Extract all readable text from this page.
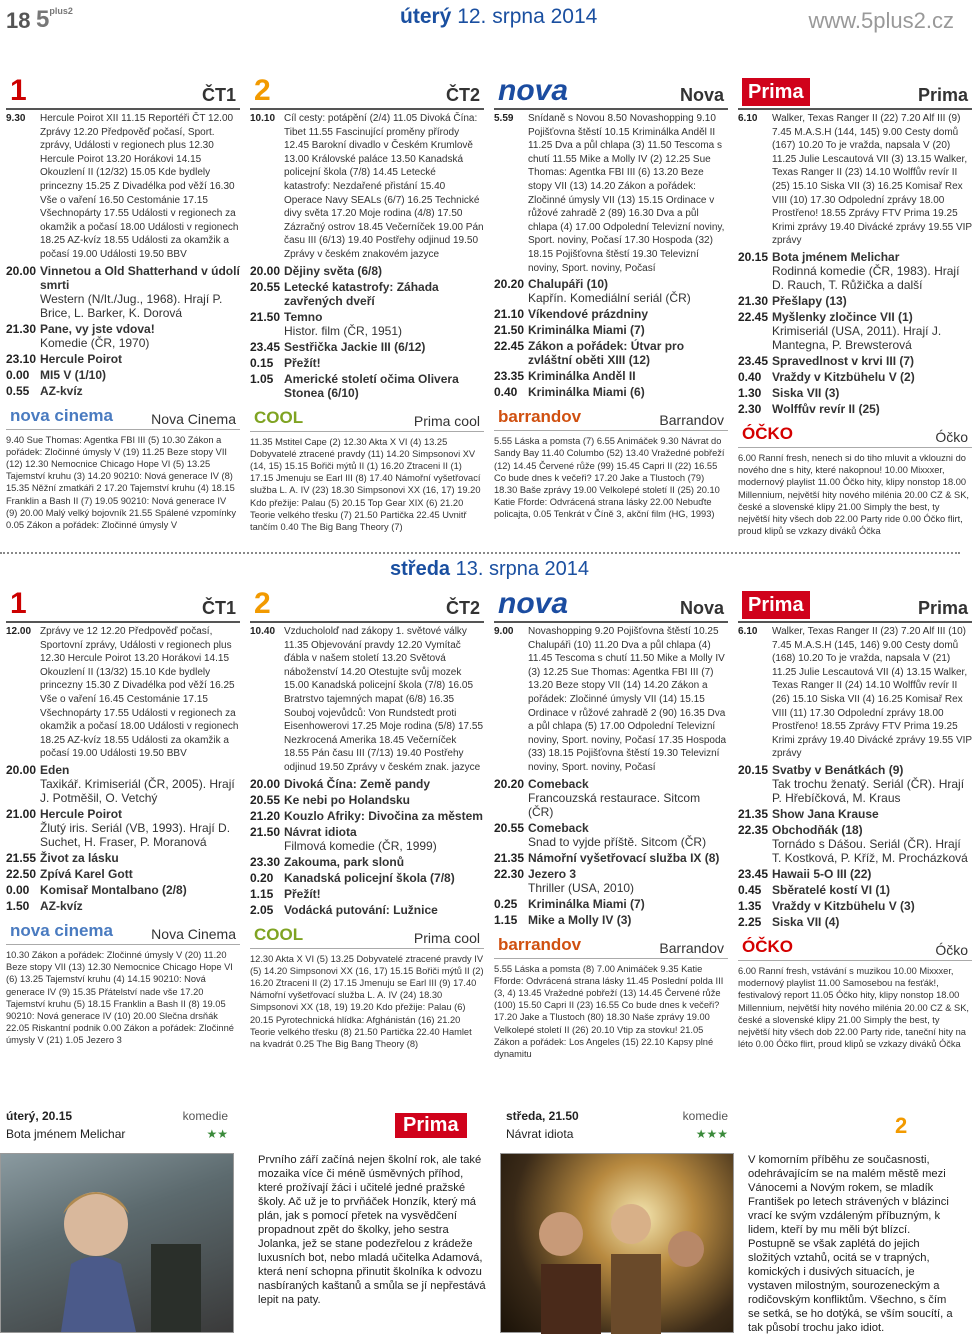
18 $5^{plus2}$	úterý 12. srpna 2014	www.5plus2.cz
středa 13. srpna 2014
1	ČT1
9.30	Hercule Poirot XII 11.15 Reportéři ČT 12.00 Zprávy 12.20 Předpověď počasí, Sport. zprávy, Události v regionech plus 12.30 Hercule Poirot 13.20 Horákovi 14.15 Okouzlení II (12/32) 15.05 Kde bydlely princezny 15.25 Z Divadélka pod věží 16.30 Vše o vaření 16.50 Cestománie 17.15 Všechnopárty 17.55 Události v regionech za okamžik a počasí 18.00 Události v regionech 18.25 AZ-kvíz 18.55 Události za okamžik a počasí 19.00 Události 19.50 BBV
20.00 Vinnetou a Old Shatterhand v údolí smrti
Western (N/It./Jug., 1968). Hrají P. Brice, L. Barker, K. Dorová
21.30 Pane, vy jste vdova!
Komedie (ČR, 1970)
23.10 Hercule Poirot
0.00 MI5 V (1/10)
0.55 AZ-kvíz
nova cinema	Nova Cinema
9.40 Sue Thomas: Agentka FBI III (5) 10.30 Zákon a pořádek: Zločinné úmysly V (19) 11.25 Beze stopy VII (12) 12.30 Nemocnice Chicago Hope VI (5) 13.25 Tajemství kruhu (3) 14.20 90210: Nová generace IV (8) 15.35 Něžní zmatkáři 2 17.20 Tajemství kruhu (4) 18.15 Franklin a Bash II (7) 19.05 90210: Nová generace IV (9) 20.00 Malý velký bojovník 21.55 Spálené vzpomínky 0.05 Zákon a pořádek: Zločinné úmysly V
2	ČT2
10.10 Cíl cesty: potápění (2/4) 11.05 Divoká Čína: Tibet 11.55 Fascinující proměny přírody 12.45 Barokní divadlo v Českém Krumlově 13.00 Královské paláce 13.50 Kanadská policejní škola (7/8) 14.45 Letecké katastrofy: Nezdařené přistání 15.40 Operace Navy SEALs (6/7) 16.25 Technické divy světa 17.20 Moje rodina (4/8) 17.50 Zázračný ostrov 18.45 Večerníček 19.00 Pán času III (6/13) 19.40 Postřehy odjinud 19.50 Zprávy v českém znakovém jazyce
20.00 Dějiny světa (6/8)
20.55 Letecké katastrofy: Záhada zavřených dveří
21.50 Temno
Histor. film (ČR, 1951)
23.45 Sestřička Jackie III (6/12)
0.15 Přežít!
1.05 Americké století očima Olivera Stonea (6/10)
COOL	Prima cool
11.35 Mstitel Cape (2) 12.30 Akta X VI (4) 13.25 Dobyvatelé ztracené pravdy (11) 14.20 Simpsonovi XV (14, 15) 15.15 Bořiči mýtů II (1) 16.20 Ztraceni II (1) 17.15 Jmenuju se Earl III (8) 17.40 Námořní vyšetřovací služba L. A. IV (23) 18.30 Simpsonovi XX (16, 17) 19.20 Kdo přežije: Palau (5) 20.15 Top Gear XIX (6) 21.20 Teorie velkého třesku (7) 21.50 Partička 22.45 Uvnitř tančím 0.40 The Big Bang Theory (7)
nova	Nova
5.59	Snídaně s Novou 8.50 Novashopping 9.10 Pojišťovna štěstí 10.15 Kriminálka Anděl II 11.25 Dva a půl chlapa (3) 11.50 Tescoma s chutí 11.55 Mike a Molly IV (2) 12.25 Sue Thomas: Agentka FBI III (6) 13.20 Beze stopy VII (13) 14.20 Zákon a pořádek: Zločinné úmysly VII (13) 15.15 Ordinace v růžové zahradě 2 (89) 16.30 Dva a půl chlapa (4) 17.00 Odpolední Televizní noviny, Sport. noviny, Počasí 17.30 Hospoda (32) 18.15 Pojišťovna štěstí 19.30 Televizní noviny, Sport. noviny, Počasí
20.20 Chalupáři (10)
Kapřín. Komediální seriál (ČR)
21.10 Víkendové prázdniny
21.50 Kriminálka Miami (7)
22.45 Zákon a pořádek: Útvar pro zvláštní oběti XIII (12)
23.35 Kriminálka Anděl II
0.40 Kriminálka Miami (6)
barrandov	Barrandov
5.55 Láska a pomsta (7) 6.55 Animáček 9.30 Návrat do Sandy Bay 11.40 Columbo (52) 13.40 Vražedné pobřeží (12) 14.45 Červené růže (99) 15.45 Capri II (22) 16.55 Co bude dnes k večeři? 17.20 Jake a Tlustoch (79) 18.30 Baše zprávy 19.00 Velkolepé století II (25) 20.10 Katie Fforde: Odvrácená strana lásky 22.00 Nebuďte policajta, 0.05 Tenkrát v Číně 3, akční film (HG, 1993)
Prima	Prima
6.10	Walker, Texas Ranger II (22) 7.20 Alf III (9) 7.45 M.A.S.H (144, 145) 9.00 Cesty domů (167) 10.20 To je vražda, napsala V (20) 11.25 Julie Lescautová VII (3) 13.15 Walker, Texas Ranger II (23) 14.10 Wolffův revír II (25) 15.10 Siska VII (3) 16.25 Komisař Rex VIII (10) 17.30 Odpolední zprávy 18.00 Prostřeno! 18.55 Zprávy FTV Prima 19.25 Krimi zprávy 19.40 Divácké zprávy 19.55 VIP zprávy
20.15 Bota jménem Melichar
Rodinná komedie (ČR, 1983). Hrají D. Rauch, T. Růžička a další
21.30 Přešlapy (13)
22.45 Myšlenky zločince VII (1)
Krimiseriál (USA, 2011). Hrají J. Mantegna, P. Brewsterová
23.45 Spravedlnost v krvi III (7)
0.40 Vraždy v Kitzbühelu V (2)
1.30 Siska VII (3)
2.30 Wolffův revír II (25)
ÓČKO	Óčko
6.00 Ranní fresh, nenech si do tiho mluvit a vklouzni do nového dne s hity, které nakopnou! 10.00 Mixxxer, modernový playlist 11.00 Óčko hity, klipy nonstop 18.00 Millennium, největší hity nového milénia 20.00 CZ & SK, české a slovenské klipy 21.00 Simply the best, ty největší hity všech dob 22.00 Party ride 0.00 Óčko flirt, proud klipů se vzkazy diváků Óčka
1	ČT1
12.00 Zprávy ve 12 12.20 Předpověď počasí, Sportovní zprávy, Události v regionech plus 12.30 Hercule Poirot 13.20 Horákovi 14.15 Okouzlení II (13/32) 15.10 Kde bydlely princezny 15.30 Z Divadélka pod věží 16.25 Vše o vaření 16.45 Cestománie 17.15 Všechnopárty 17.55 Události v regionech za okamžik a počasí 18.00 Události v regionech 18.25 AZ-kvíz 18.55 Události za okamžik a počasí 19.00 Události 19.50 BBV
20.00 Eden
Taxikář. Krimiseriál (ČR, 2005). Hrají J. Potměšil, O. Vetchý
21.00 Hercule Poirot
Žlutý iris. Seriál (VB, 1993). Hrají D. Suchet, H. Fraser, P. Moranová
21.55 Život za lásku
22.50 Zpívá Karel Gott
0.00 Komisař Montalbano (2/8)
1.50 AZ-kvíz
nova cinema	Nova Cinema
10.30 Zákon a pořádek: Zločinné úmysly V (20) 11.20 Beze stopy VII (13) 12.30 Nemocnice Chicago Hope VI (6) 13.25 Tajemství kruhu (4) 14.15 90210: Nová generace IV (9) 15.35 Přátelství nade vše 17.20 Tajemství kruhu (5) 18.15 Franklin a Bash II (8) 19.05 90210: Nová generace IV (10) 20.00 Slečna drsňák 22.05 Riskantní podnik 0.00 Zákon a pořádek: Zločinné úmysly V (21) 1.05 Jezero 3
2	ČT2
10.40 Vzduchololď nad zákopy 1. světové války 11.35 Objevování pravdy 12.20 Vymítač ďábla v našem století 13.20 Světová náboženství 14.20 Otestujte svůj mozek 15.00 Kanadská policejní škola (7/8) 16.05 Bratrstvo tajemných mapat (6/8) 16.35 Souboj vojevůdců: Von Rundstedt proti Eisenhowerovi 17.25 Moje rodina (5/8) 17.55 Nezkrocená Amerika 18.45 Večerníček 18.55 Pán času III (7/13) 19.40 Postřehy odjinud 19.50 Zprávy v českém znak. jazyce
20.00 Divoká Čína: Země pandy
20.55 Ke nebi po Holandsku
21.20 Kouzlo Afriky: Divočina za městem
21.50 Návrat idiota
Filmová komedie (ČR, 1999)
23.30 Zakouma, park slonů
0.20 Kanadská policejní škola (7/8)
1.15 Přežít!
2.05 Vodácká putování: Lužnice
COOL	Prima cool
12.30 Akta X VI (5) 13.25 Dobyvatelé ztracené pravdy IV (5) 14.20 Simpsonovi XX (16, 17) 15.15 Bořiči mýtů II (2) 16.20 Ztraceni II (2) 17.15 Jmenuju se Earl III (9) 17.40 Námořní vyšetřovací služba L. A. IV (24) 18.30 Simpsonovi XX (18, 19) 19.20 Kdo přežije: Palau (6) 20.15 Pyrotechnická hlídka: Afghánistán (16) 21.20 Teorie velkého třesku (8) 21.50 Partička 22.40 Hamlet na kvadrát 0.25 The Big Bang Theory (8)
nova	Nova
9.00	Novashopping 9.20 Pojišťovna štěstí 10.25 Chalupáři (10) 11.20 Dva a půl chlapa (4) 11.45 Tescoma s chutí 11.50 Mike a Molly IV (3) 12.25 Sue Thomas: Agentka FBI III (7) 13.20 Beze stopy VII (14) 14.20 Zákon a pořádek: Zločinné úmysly VII (14) 15.15 Ordinace v růžové zahradě 2 (90) 16.35 Dva a půl chlapa (5) 17.00 Odpolední Televizní noviny, Sport. noviny, Počasí 17.35 Hospoda (33) 18.15 Pojišťovna štěstí 19.30 Televizní noviny, Sport. noviny, Počasí
20.20 Comeback
Francouzská restaurace. Sitcom (ČR)
20.55 Comeback
Snad to vyjde příště. Sitcom (ČR)
21.35 Námořní vyšetřovací služba IX (8)
22.30 Jezero 3
Thriller (USA, 2010)
0.25 Kriminálka Miami (7)
1.15 Mike a Molly IV (3)
barrandov	Barrandov
5.55 Láska a pomsta (8) 7.00 Animáček 9.35 Katie Fforde: Odvrácená strana lásky 11.45 Poslední polda III (3, 4) 13.45 Vražedné pobřeží (13) 14.45 Červené růže (100) 15.50 Capri II (23) 16.55 Co bude dnes k večeři? 17.20 Jake a Tlustoch (80) 18.30 Naše zprávy 19.00 Velkolepé století II (26) 20.10 Vtip za stovku! 21.05 Zákon a pořádek: Los Angeles (15) 22.10 Kapsy plné dynamitu
Prima	Prima
6.10	Walker, Texas Ranger II (23) 7.20 Alf III (10) 7.45 M.A.S.H (145, 146) 9.00 Cesty domů (168) 10.20 To je vražda, napsala V (21) 11.25 Julie Lescautová VII (4) 13.15 Walker, Texas Ranger II (24) 14.10 Wolffův revír II (26) 15.10 Siska VII (4) 16.25 Komisař Rex VIII (11) 17.30 Odpolední zprávy 18.00 Prostřeno! 18.55 Zprávy FTV Prima 19.25 Krimi zprávy 19.40 Divácké zprávy 19.55 VIP zprávy
20.15 Svatby v Benátkách (9)
Tak trochu ženatý. Seriál (ČR). Hrají P. Hřebíčková, M. Kraus
21.35 Show Jana Krause
22.35 Obchodňák (18)
Tornádo s Dášou. Seriál (ČR). Hrají T. Kostková, P. Kříž, M. Procházková
23.45 Hawaii 5-O III (22)
0.45 Sběratelé kostí VI (1)
1.35 Vraždy v Kitzbühelu V (3)
2.25 Siska VII (4)
ÓČKO	Óčko
6.00 Ranní fresh, vstávání s muzikou 10.00 Mixxxer, modernový playlist 11.00 Samosebou na fesťák!, festivalový report 11.05 Óčko hity, klipy nonstop 18.00 Millennium, největší hity nového milénia 20.00 CZ & SK, české a slovenské klipy 21.00 Simply the best, ty největší hity všech dob 22.00 Party ride, taneční hity na léto 0.00 Óčko flirt, proud klipů se vzkazy diváků Óčka
úterý, 20.15	komedie
Bota jménem Melichar	★★	Prima
Prvního září začíná nejen školní rok, ale také mozaika více či méně úsměvných příhod, které prožívají žáci i učitelé jedné pražské školy. Ač už je to prvňáček Honzík, který má plán, jak s pomocí přetek na vysvědčení propadnout zpět do školky, jeho sestra Jolanka, jež se stane podezřelou z krádeže luxusních bot, nebo mladá učitelka Adamová, která není schopna přinutit školníka k odvozu nasbíraných kaštanů a smůla se jí nepřestává lepit na paty.
středa, 21.50	komedie
Návrat idiota	★★★	2
V komorním příběhu ze současnosti, odehrávajícím se na malém městě mezi Vánocemi a Novým rokem, se mladík František po letech strávených v blázinci vrací ke svým vzdáleným příbuzným, k lidem, kteří by mu měli být blízcí. Postupně se však zaplétá do jejich složitých vztahů, ocitá se v trapných, komických i dusivých situacích, je vystaven milostným, sourozeneckým a rodičovským konfliktům. Všechno, s čím se setká, se ho dotýká, se vším soucítí, a tak působí trochu jako idiot.
